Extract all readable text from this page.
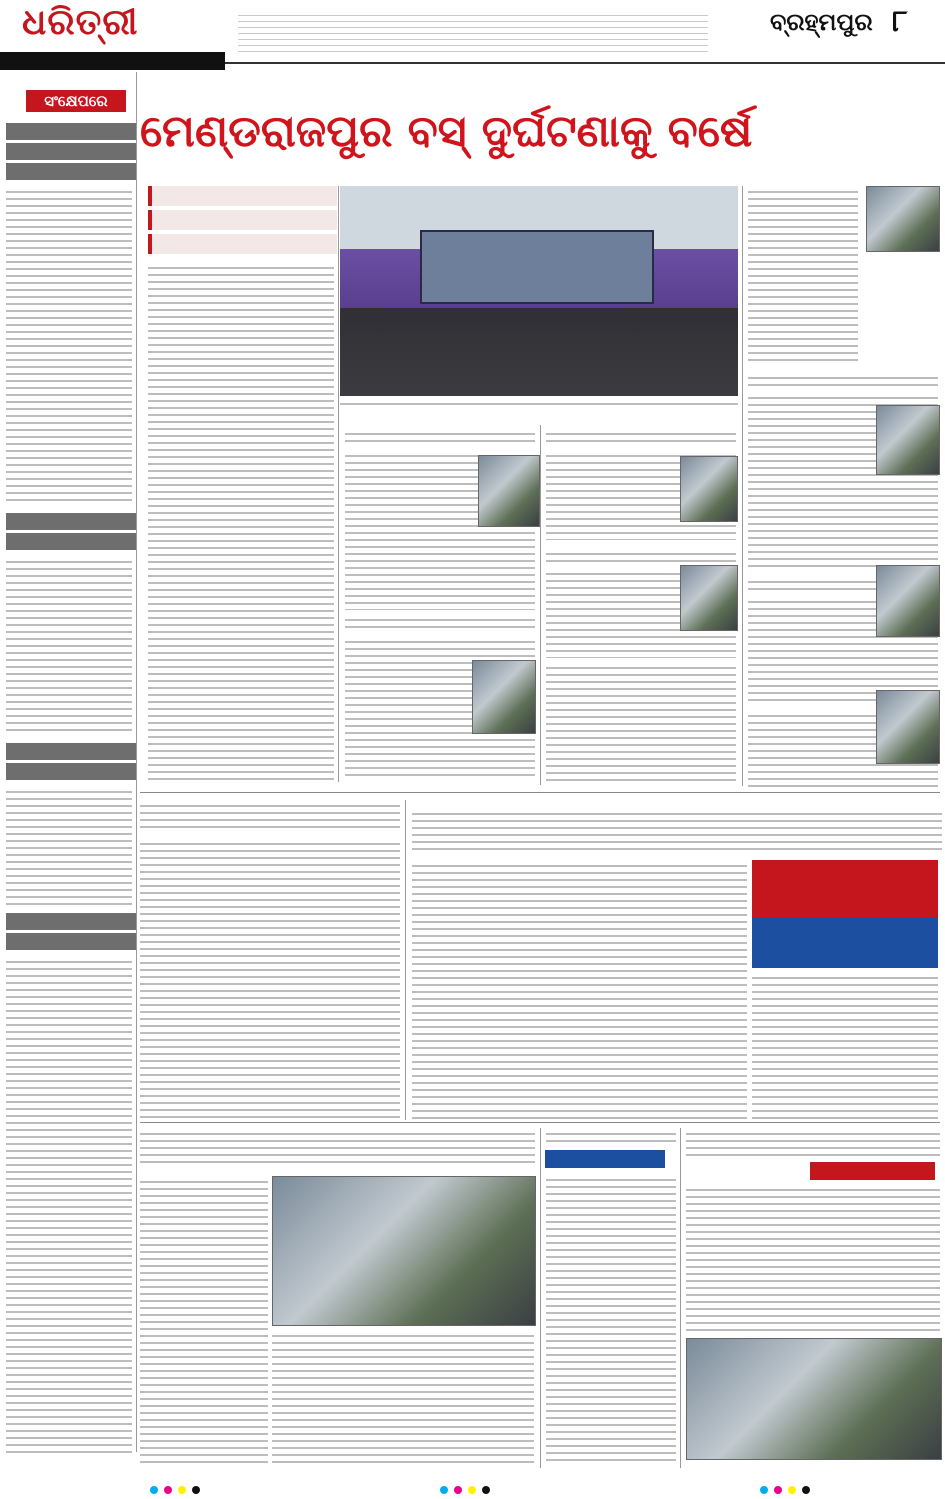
ଧରିତ୍ରୀ	ବ୍ରହ୍ମପୁର ୮
ସଂକ୍ଷେପରେ
ମେଣ୍ଡରାଜପୁର ବସ୍ ଦୁର୍ଘଟଣାକୁ ବର୍ଷେ
